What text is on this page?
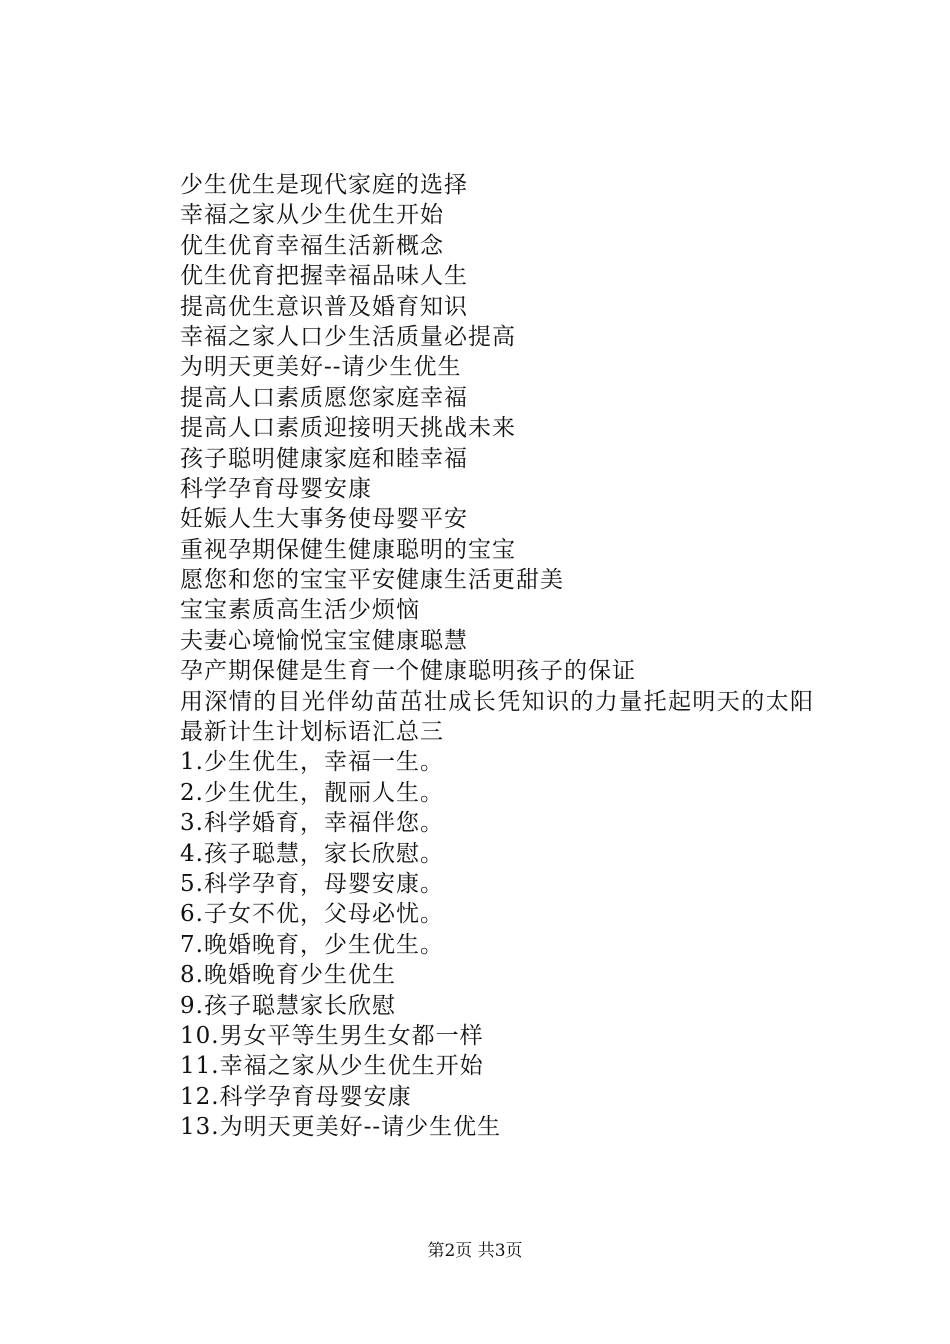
少生优生是现代家庭的选择
幸福之家从少生优生开始
优生优育幸福生活新概念
优生优育把握幸福品味人生
提高优生意识普及婚育知识
幸福之家人口少生活质量必提高
为明天更美好--请少生优生
提高人口素质愿您家庭幸福
提高人口素质迎接明天挑战未来
孩子聪明健康家庭和睦幸福
科学孕育母婴安康
妊娠人生大事务使母婴平安
重视孕期保健生健康聪明的宝宝
愿您和您的宝宝平安健康生活更甜美
宝宝素质高生活少烦恼
夫妻心境愉悦宝宝健康聪慧
孕产期保健是生育一个健康聪明孩子的保证
用深情的目光伴幼苗茁壮成长凭知识的力量托起明天的太阳
最新计生计划标语汇总三
1.少生优生，幸福一生。
2.少生优生，靓丽人生。
3.科学婚育，幸福伴您。
4.孩子聪慧，家长欣慰。
5.科学孕育，母婴安康。
6.子女不优，父母必忧。
7.晚婚晚育，少生优生。
8.晚婚晚育少生优生
9.孩子聪慧家长欣慰
10.男女平等生男生女都一样
11.幸福之家从少生优生开始
12.科学孕育母婴安康
13.为明天更美好--请少生优生
第2页 共3页
